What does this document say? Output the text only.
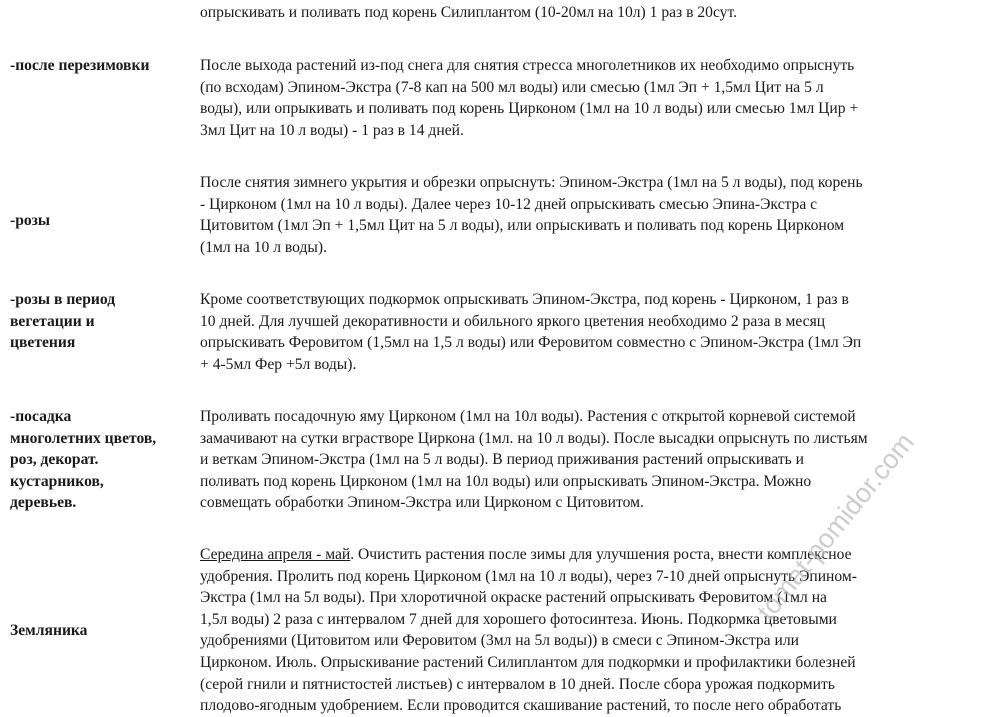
опрыскивать и поливать под корень Силиплантом (10-20мл на 10л) 1 раз в 20сут.
-после перезимовки	После выхода растений из-под снега для снятия стресса многолетников их необходимо опрыснуть
(по всходам) Эпином-Экстра (7-8 кап на 500 мл воды) или смесью (1мл Эп + 1,5мл Цит на 5 л
воды), или опрыкивать и поливать под корень Цирконом (1мл на 10 л воды) или смесью 1мл Цир +
3мл Цит на 10 л воды) - 1 раз в 14 дней.
-розы
После снятия зимнего укрытия и обрезки опрыснуть: Эпином-Экстра (1мл на 5 л воды), под корень
- Цирконом (1мл на 10 л воды). Далее через 10-12 дней опрыскивать смесью Эпина-Экстра с
Цитовитом (1мл Эп + 1,5мл Цит на 5 л воды), или опрыскивать и поливать под корень Цирконом
(1мл на 10 л воды).
-розы в период
вегетации и
цветения
Кроме соответствующих подкормок опрыскивать Эпином-Экстра, под корень - Цирконом, 1 раз в
10 дней. Для лучшей декоративности и обильного яркого цветения необходимо 2 раза в месяц
опрыскивать Феровитом (1,5мл на 1,5 л воды) или Феровитом совместно с Эпином-Экстра (1мл Эп
+ 4-5мл Фер +5л воды).
-посадка
многолетних цветов,
роз, декорат.
кустарников,
деревьев.
Проливать посадочную яму Цирконом (1мл на 10л воды). Растения с открытой корневой системой
замачивают на сутки вграстворе Циркона (1мл. на 10 л воды). После высадки опрыснуть по листьям
и веткам Эпином-Экстра (1мл на 5 л воды). В период приживания растений опрыскивать и
поливать под корень Цирконом (1мл на 10л воды) или опрыскивать Эпином-Экстра. Можно
совмещать обработки Эпином-Экстра или Цирконом с Цитовитом.
Земляника
Середина апреля - май. Очистить растения после зимы для улучшения роста, внести комплексное
удобрения. Пролить под корень Цирконом (1мл на 10 л воды), через 7-10 дней опрыснуть Эпином-
Экстра (1мл на 5л воды). При хлоротичной окраске растений опрыскивать Феровитом (1мл на
1,5л воды) 2 раза с интервалом 7 дней для хорошего фотосинтеза. Июнь. Подкормка цветовыми
удобрениями (Цитовитом или Феровитом (3мл на 5л воды)) в смеси с Эпином-Экстра или
Цирконом. Июль. Опрыскивание растений Силиплантом для подкормки и профилактики болезней
(серой гнили и пятнистостей листьев) с интервалом в 10 дней. После сбора урожая подкормить
плодово-ягодным удобрением. Если проводится скашивание растений, то после него обработать
tomat-pomidor.com
